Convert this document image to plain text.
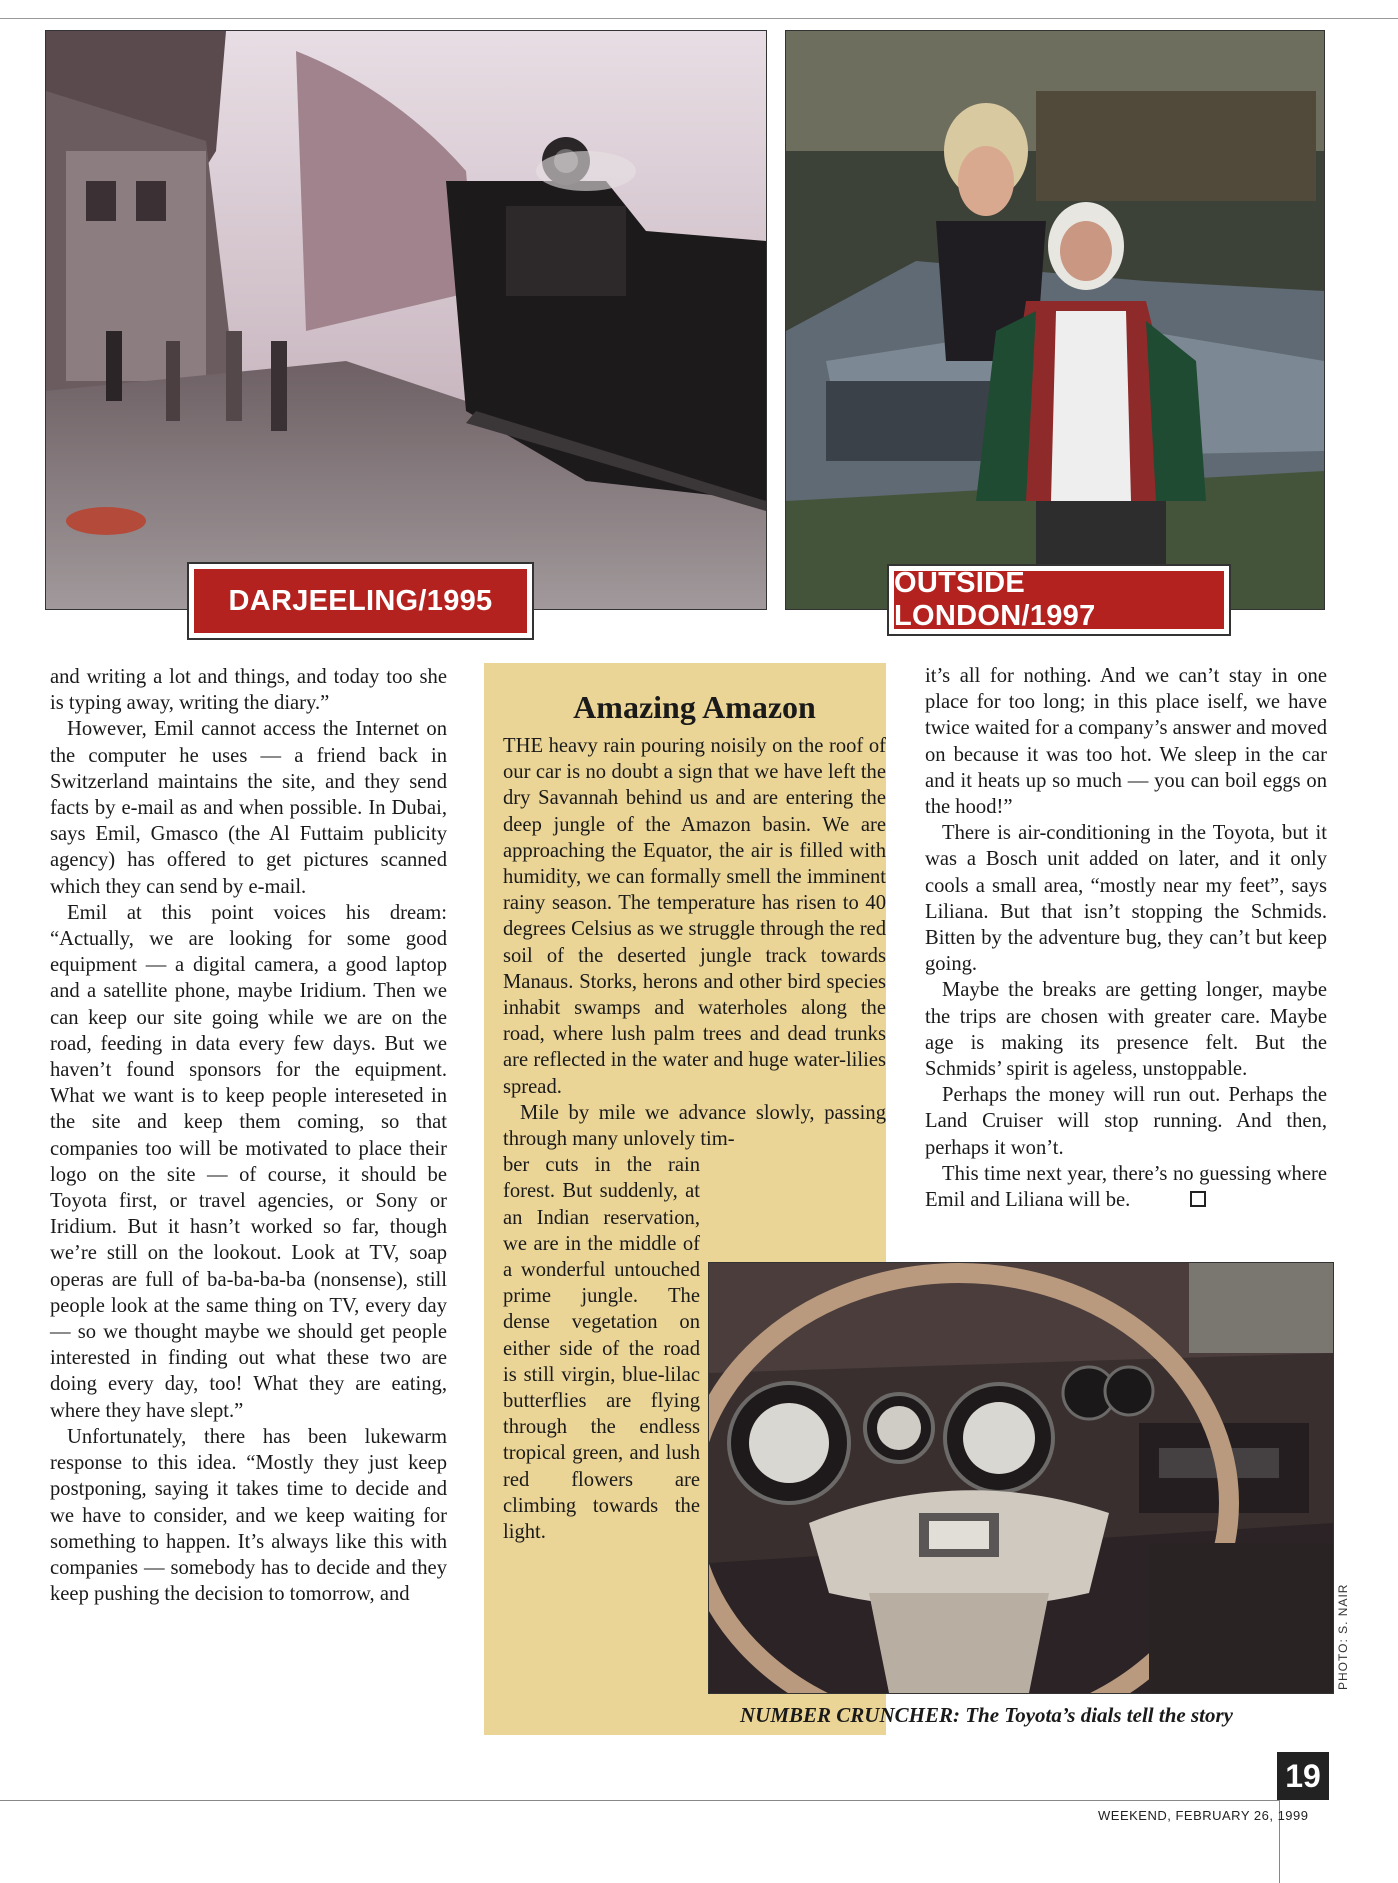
DARJEELING/1995
OUTSIDE LONDON/1997

and writing a lot and things, and today too she is typing away, writing the diary.”

However, Emil cannot access the Internet on the computer he uses — a friend back in Switzerland maintains the site, and they send facts by e-mail as and when possible. In Dubai, says Emil, Gmasco (the Al Futtaim publicity agency) has offered to get pictures scanned which they can send by e-mail.

Emil at this point voices his dream: “Actually, we are looking for some good equipment — a digital camera, a good laptop and a satellite phone, maybe Iridium. Then we can keep our site going while we are on the road, feeding in data every few days. But we haven’t found sponsors for the equipment. What we want is to keep people intereseted in the site and keep them coming, so that companies too will be motivated to place their logo on the site — of course, it should be Toyota first, or travel agencies, or Sony or Iridium. But it hasn’t worked so far, though we’re still on the lookout. Look at TV, soap operas are full of ba-ba-ba-ba (nonsense), still people look at the same thing on TV, every day — so we thought maybe we should get people interested in finding out what these two are doing every day, too! What they are eating, where they have slept.”

Unfortunately, there has been lukewarm response to this idea. “Mostly they just keep postponing, saying it takes time to decide and we have to consider, and we keep waiting for something to happen. It’s always like this with companies — somebody has to decide and they keep pushing the decision to tomorrow, and

Amazing Amazon

THE heavy rain pouring noisily on the roof of our car is no doubt a sign that we have left the dry Savannah behind us and are entering the deep jungle of the Amazon basin. We are approaching the Equator, the air is filled with humidity, we can formally smell the imminent rainy season. The temperature has risen to 40 degrees Celsius as we struggle through the red soil of the deserted jungle track towards Manaus. Storks, herons and other bird species inhabit swamps and waterholes along the road, where lush palm trees and dead trunks are reflected in the water and huge water-lilies spread.

Mile by mile we advance slowly, passing through many unlovely tim-

ber cuts in the rain forest. But suddenly, at an Indian reservation, we are in the middle of a wonderful untouched prime jungle. The dense vegetation on either side of the road is still virgin, blue-lilac butterflies are flying through the endless tropical green, and lush red flowers are climbing towards the light.

it’s all for nothing. And we can’t stay in one place for too long; in this place iself, we have twice waited for a company’s answer and moved on because it was too hot. We sleep in the car and it heats up so much — you can boil eggs on the hood!”

There is air-conditioning in the Toyota, but it was a Bosch unit added on later, and it only cools a small area, “mostly near my feet”, says Liliana. But that isn’t stopping the Schmids. Bitten by the adventure bug, they can’t but keep going.

Maybe the breaks are getting longer, maybe the trips are chosen with greater care. Maybe age is making its presence felt. But the Schmids’ spirit is ageless, unstoppable.

Perhaps the money will run out. Perhaps the Land Cruiser will stop running. And then, perhaps it won’t.

This time next year, there’s no guessing where Emil and Liliana will be.

NUMBER CRUNCHER: The Toyota’s dials tell the story
PHOTO: S. NAIR
19
WEEKEND, FEBRUARY 26, 1999
